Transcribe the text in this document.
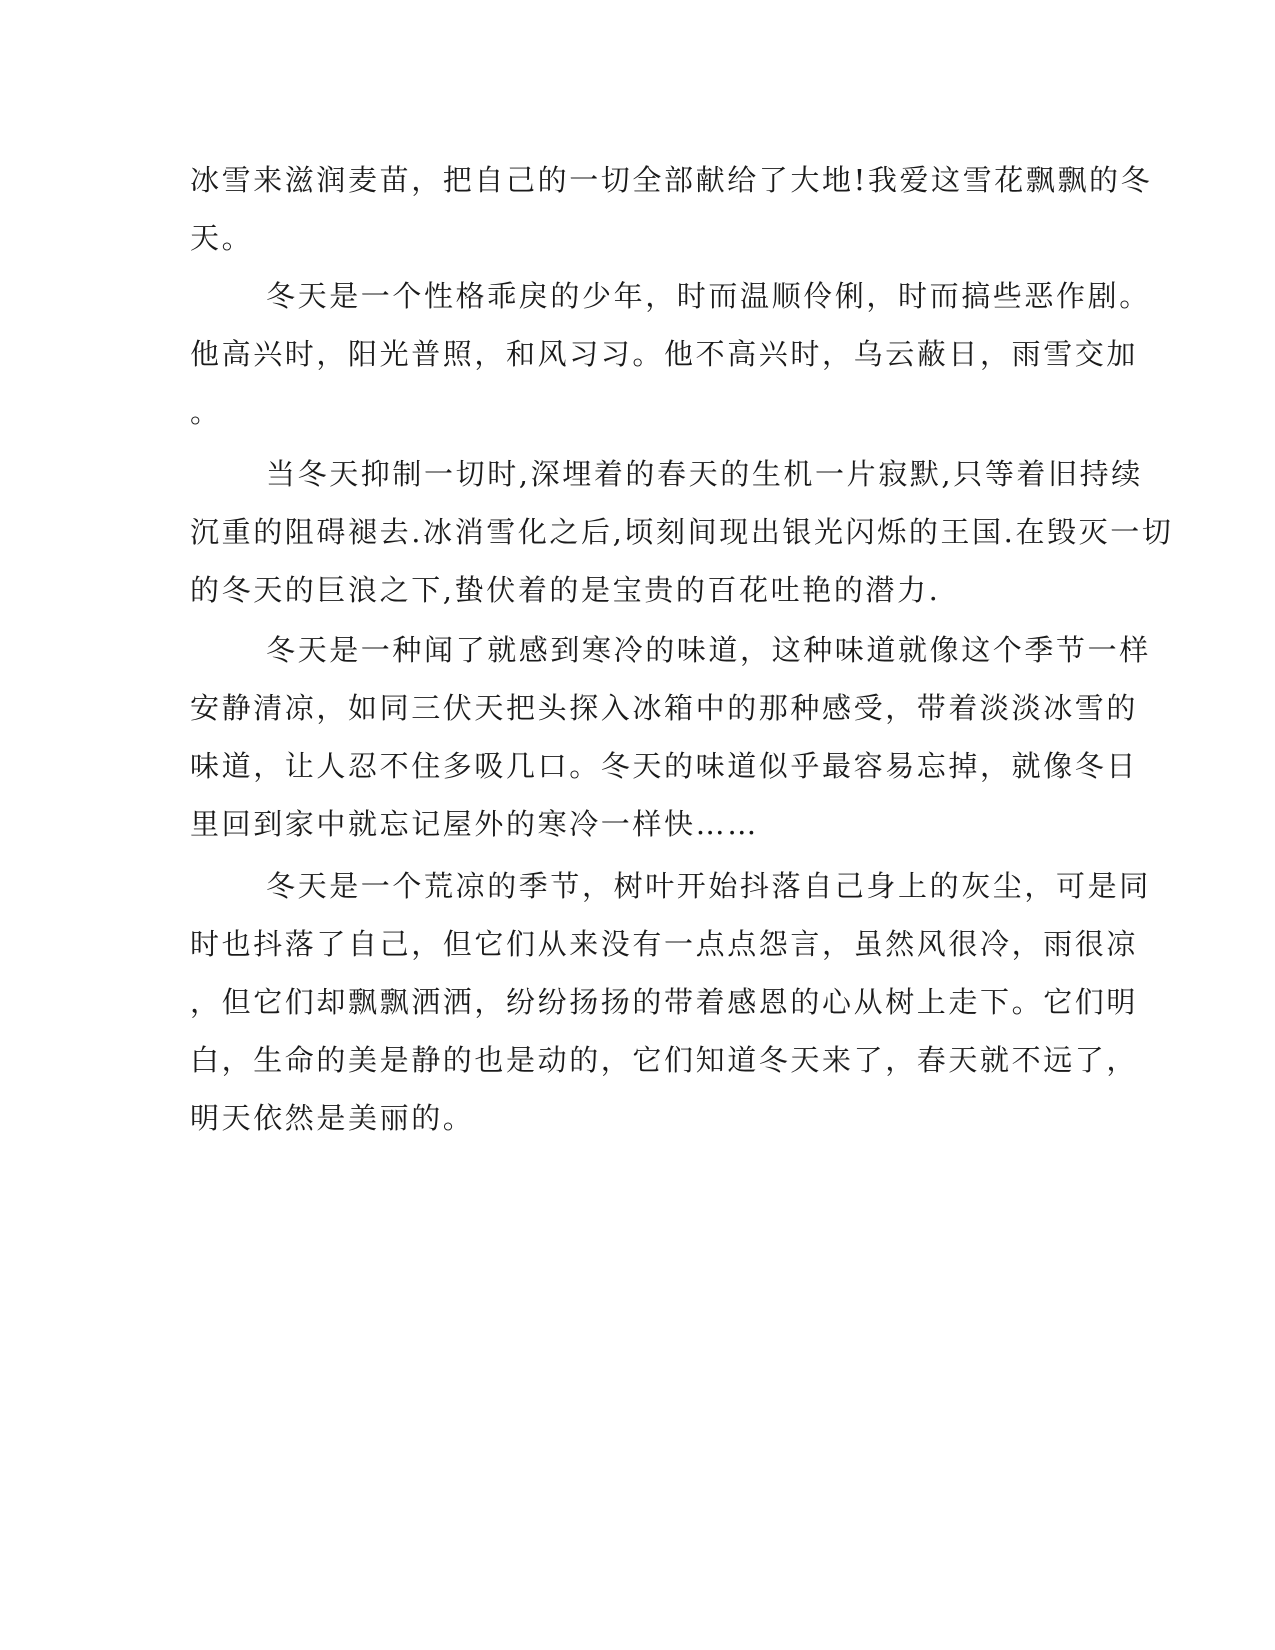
冰雪来滋润麦苗，把自己的一切全部献给了大地!我爱这雪花飘飘的冬
天。
冬天是一个性格乖戾的少年，时而温顺伶俐，时而搞些恶作剧。
他高兴时，阳光普照，和风习习。他不高兴时，乌云蔽日，雨雪交加
。
当冬天抑制一切时,深埋着的春天的生机一片寂默,只等着旧持续
沉重的阻碍褪去.冰消雪化之后,顷刻间现出银光闪烁的王国.在毁灭一切
的冬天的巨浪之下,蛰伏着的是宝贵的百花吐艳的潜力.
冬天是一种闻了就感到寒冷的味道，这种味道就像这个季节一样
安静清凉，如同三伏天把头探入冰箱中的那种感受，带着淡淡冰雪的
味道，让人忍不住多吸几口。冬天的味道似乎最容易忘掉，就像冬日
里回到家中就忘记屋外的寒冷一样快……
冬天是一个荒凉的季节，树叶开始抖落自己身上的灰尘，可是同
时也抖落了自己，但它们从来没有一点点怨言，虽然风很冷，雨很凉
，但它们却飘飘洒洒，纷纷扬扬的带着感恩的心从树上走下。它们明
白，生命的美是静的也是动的，它们知道冬天来了，春天就不远了，
明天依然是美丽的。
